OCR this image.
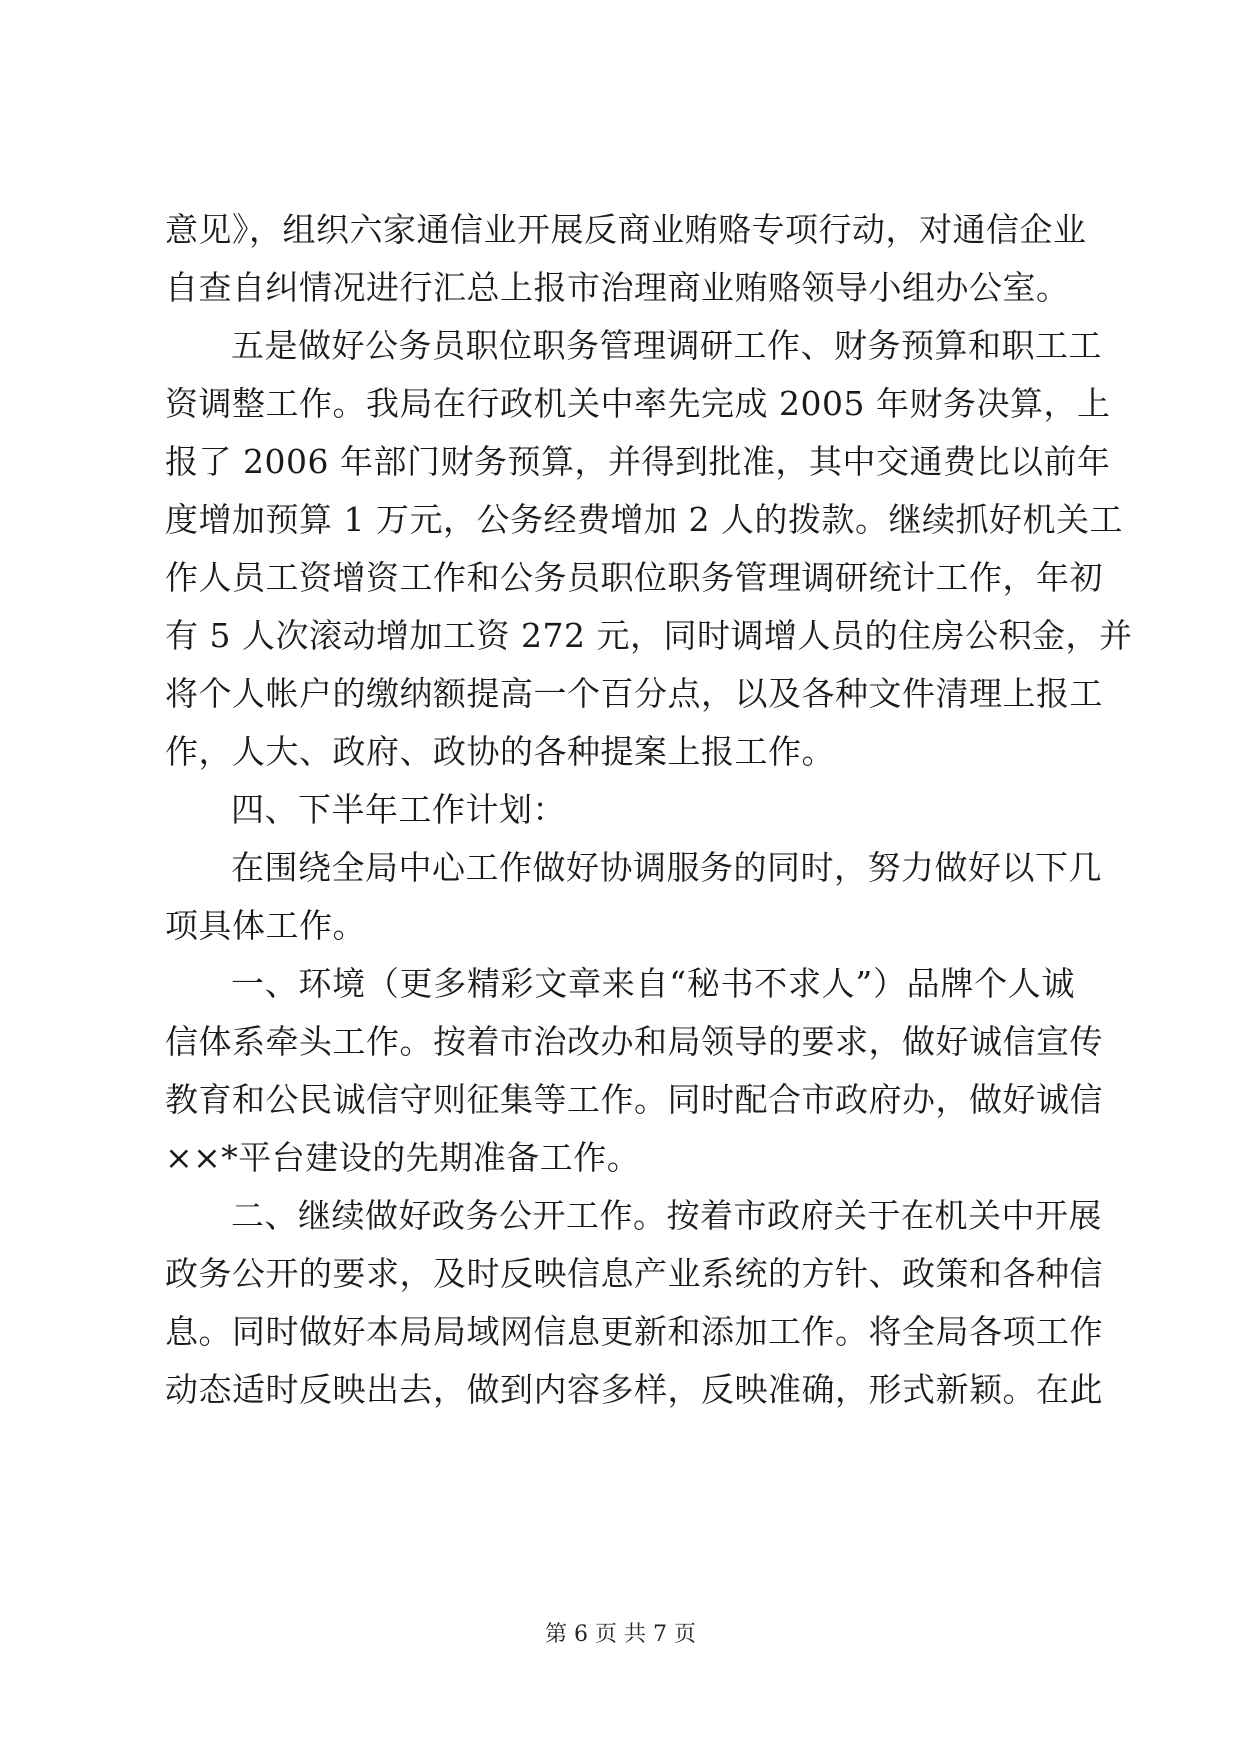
意见》，组织六家通信业开展反商业贿赂专项行动，对通信企业
自查自纠情况进行汇总上报市治理商业贿赂领导小组办公室。
五是做好公务员职位职务管理调研工作、财务预算和职工工
资调整工作。我局在行政机关中率先完成 2005 年财务决算，上
报了 2006 年部门财务预算，并得到批准，其中交通费比以前年
度增加预算 1 万元，公务经费增加 2 人的拨款。继续抓好机关工
作人员工资增资工作和公务员职位职务管理调研统计工作，年初
有 5 人次滚动增加工资 272 元，同时调增人员的住房公积金，并
将个人帐户的缴纳额提高一个百分点，以及各种文件清理上报工
作，人大、政府、政协的各种提案上报工作。
四、下半年工作计划：
在围绕全局中心工作做好协调服务的同时，努力做好以下几
项具体工作。
一、环境（更多精彩文章来自“秘书不求人”）品牌个人诚
信体系牵头工作。按着市治改办和局领导的要求，做好诚信宣传
教育和公民诚信守则征集等工作。同时配合市政府办，做好诚信
××*平台建设的先期准备工作。
二、继续做好政务公开工作。按着市政府关于在机关中开展
政务公开的要求，及时反映信息产业系统的方针、政策和各种信
息。同时做好本局局域网信息更新和添加工作。将全局各项工作
动态适时反映出去，做到内容多样，反映准确，形式新颖。在此
第 6 页 共 7 页
